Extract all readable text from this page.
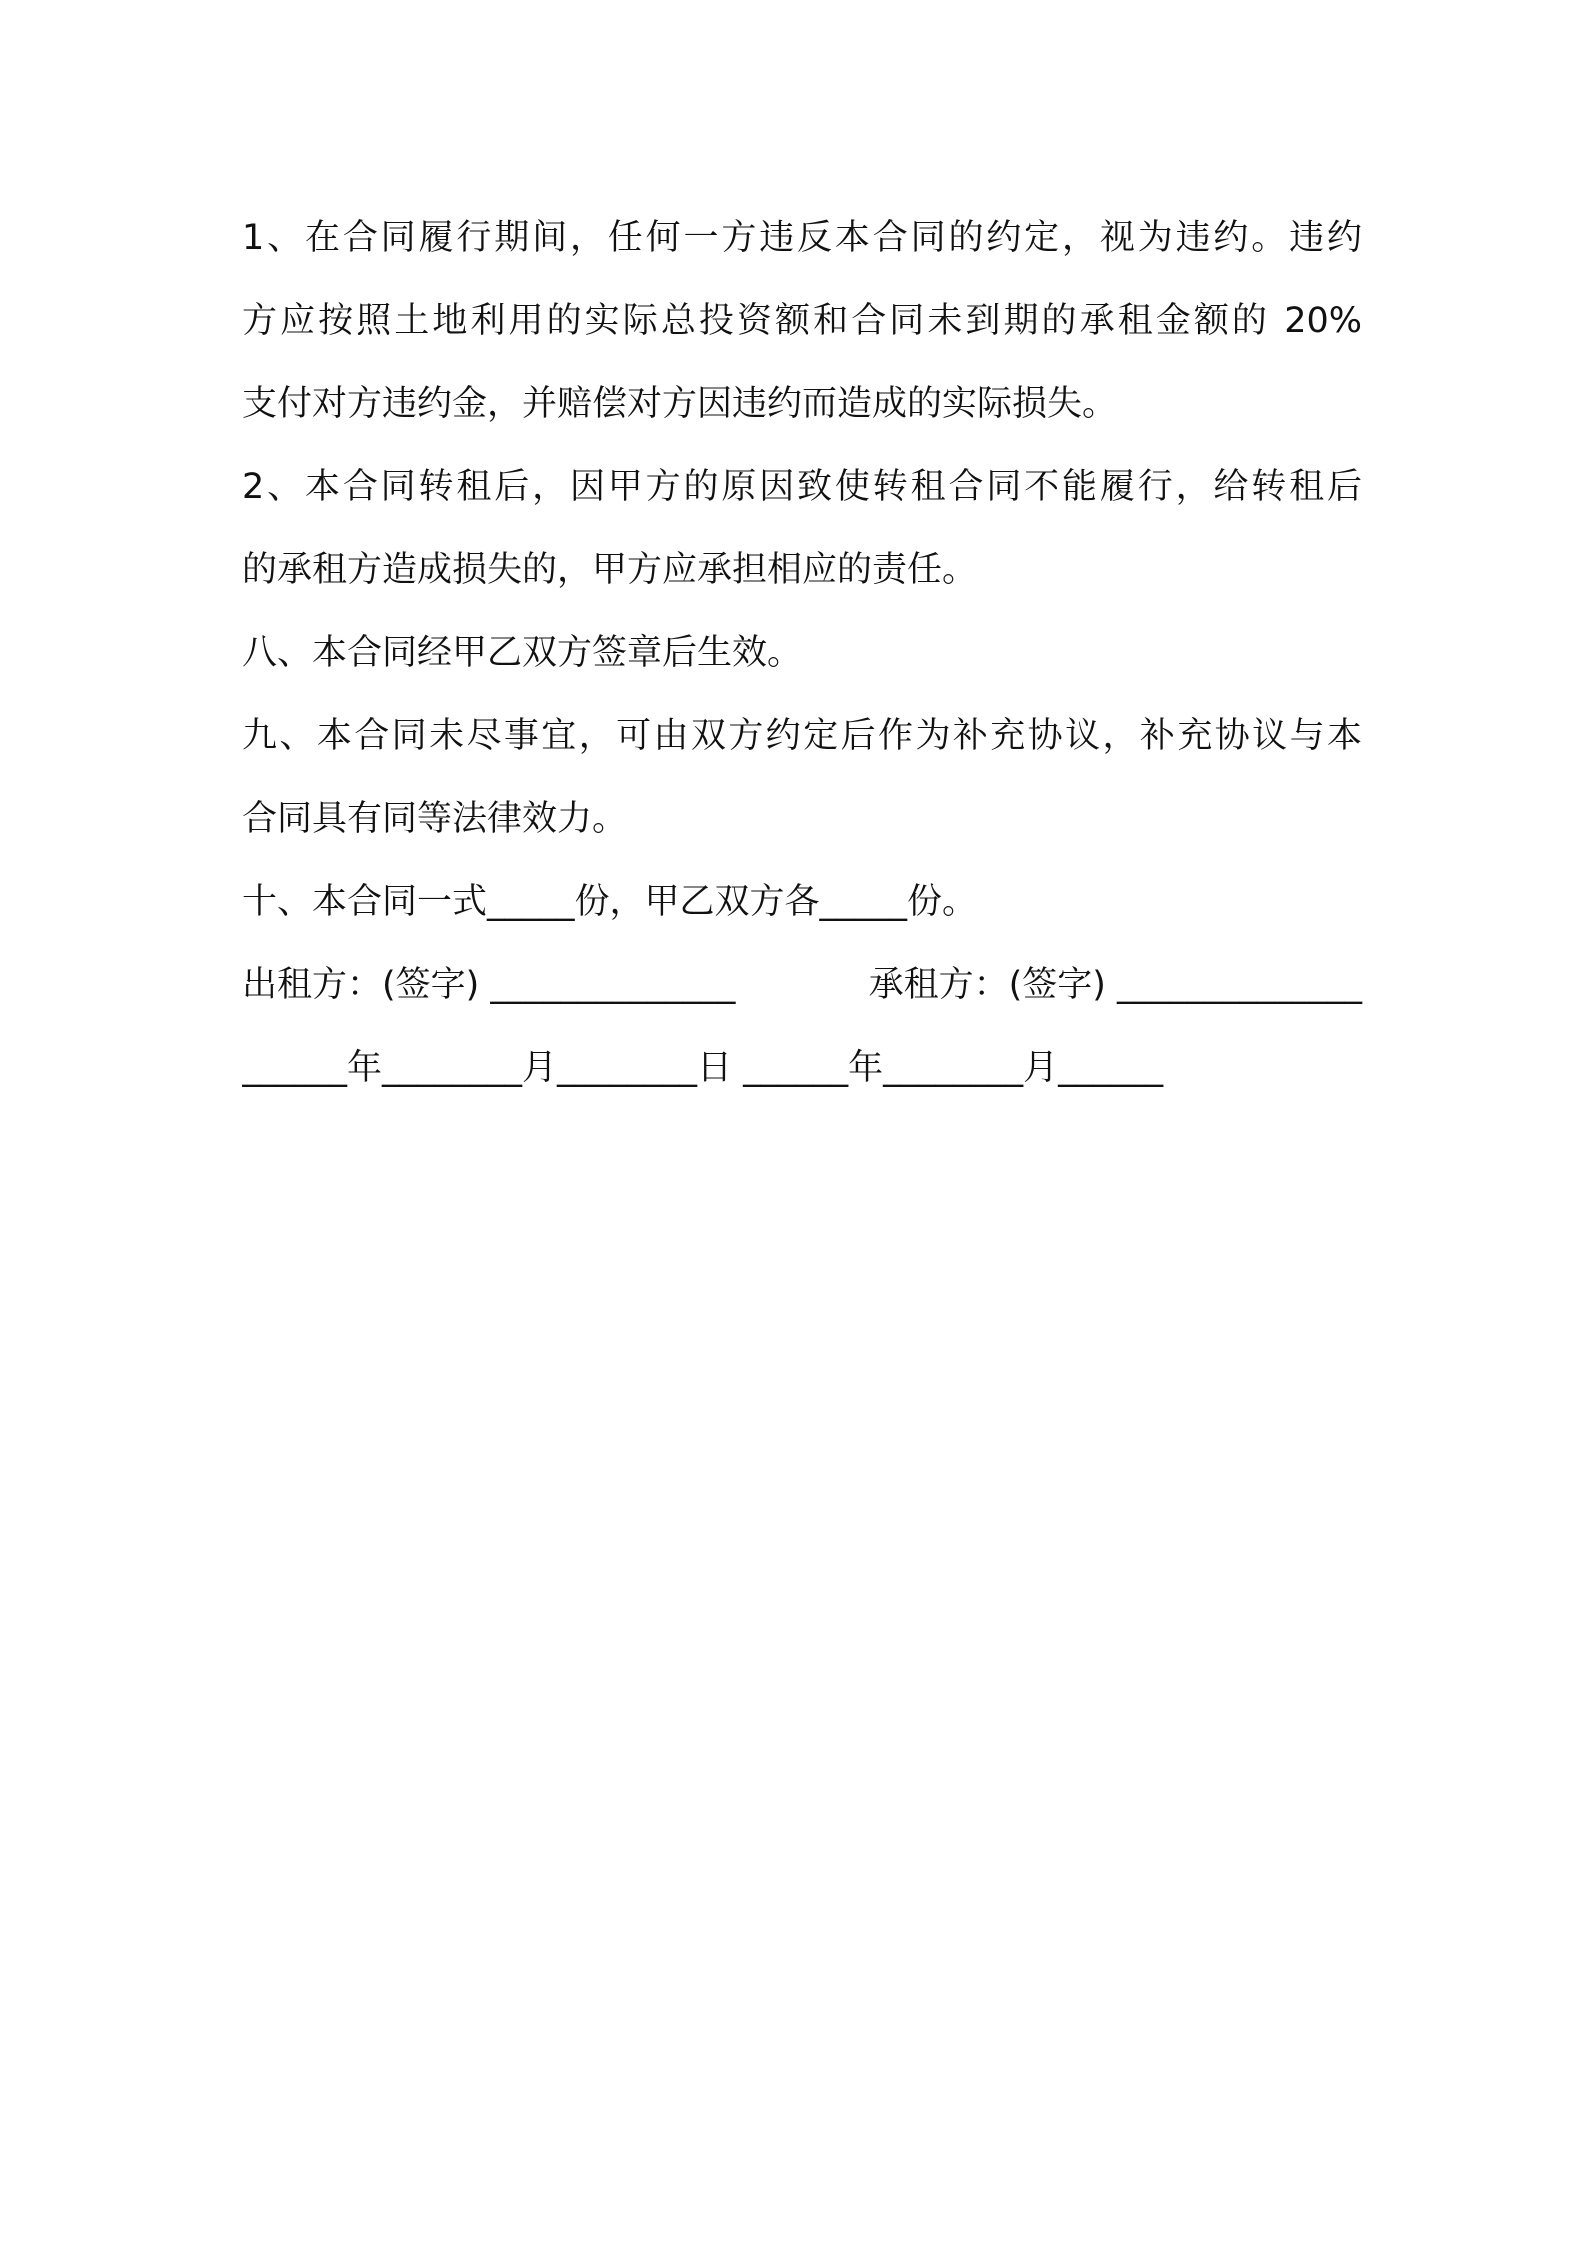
1、在合同履行期间，任何一方违反本合同的约定，视为违约。违约
方应按照土地利用的实际总投资额和合同未到期的承租金额的 20%
支付对方违约金，并赔偿对方因违约而造成的实际损失。
2、本合同转租后，因甲方的原因致使转租合同不能履行，给转租后
的承租方造成损失的，甲方应承担相应的责任。
八、本合同经甲乙双方签章后生效。
九、本合同未尽事宜，可由双方约定后作为补充协议，补充协议与本
合同具有同等法律效力。
十、本合同一式_____份，甲乙双方各_____份。
出租方：(签字) ______________	承租方：(签字) ______________
______年________月________日 ______年________月______
